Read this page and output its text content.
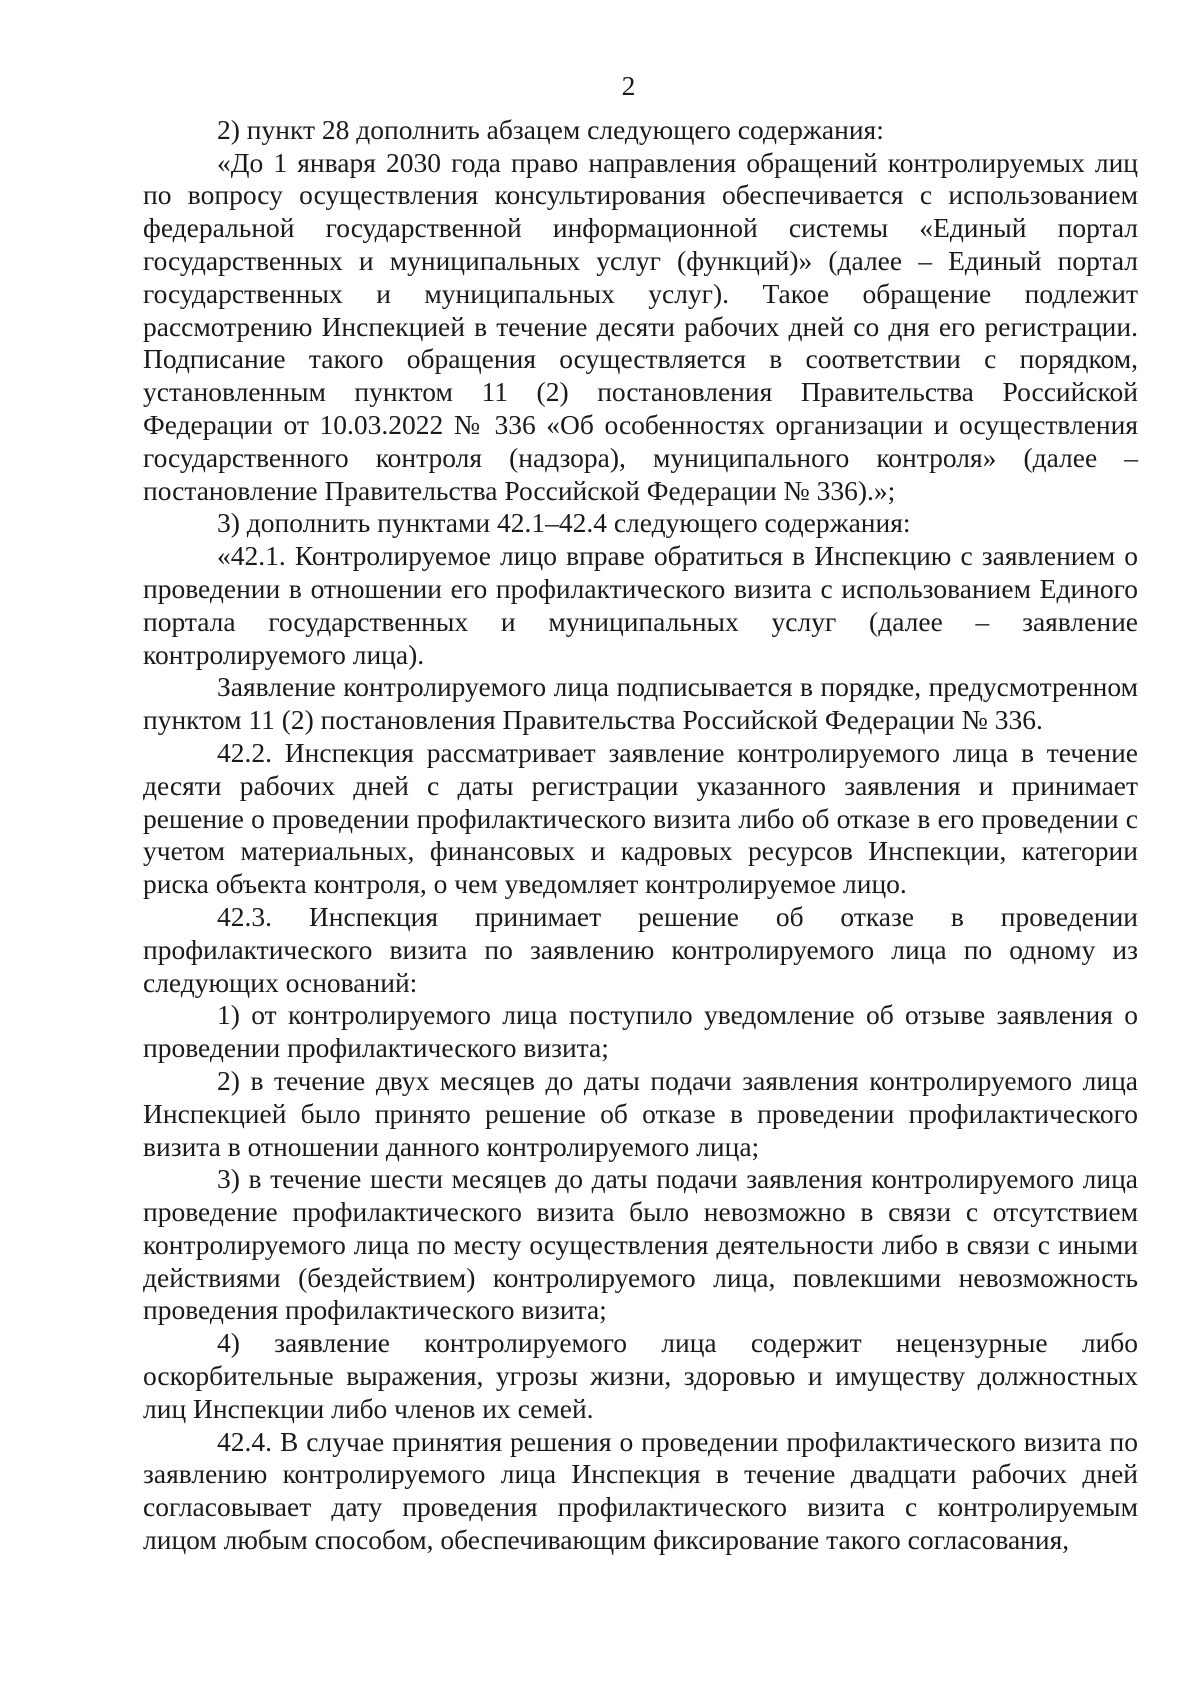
2

2) пункт 28 дополнить абзацем следующего содержания:

«До 1 января 2030 года право направления обращений контролируемых лиц по вопросу осуществления консультирования обеспечивается с использованием федеральной государственной информационной системы «Единый портал государственных и муниципальных услуг (функций)» (далее – Единый портал государственных и муниципальных услуг). Такое обращение подлежит рассмотрению Инспекцией в течение десяти рабочих дней со дня его регистрации. Подписание такого обращения осуществляется в соответствии с порядком, установленным пунктом 11 (2) постановления Правительства Российской Федерации от 10.03.2022 № 336 «Об особенностях организации и осуществления государственного контроля (надзора), муниципального контроля» (далее – постановление Правительства Российской Федерации № 336).»;

3) дополнить пунктами 42.1–42.4 следующего содержания:

«42.1. Контролируемое лицо вправе обратиться в Инспекцию с заявлением о проведении в отношении его профилактического визита с использованием Единого портала государственных и муниципальных услуг (далее – заявление контролируемого лица).

Заявление контролируемого лица подписывается в порядке, предусмотренном пунктом 11 (2) постановления Правительства Российской Федерации № 336.

42.2. Инспекция рассматривает заявление контролируемого лица в течение десяти рабочих дней с даты регистрации указанного заявления и принимает решение о проведении профилактического визита либо об отказе в его проведении с учетом материальных, финансовых и кадровых ресурсов Инспекции, категории риска объекта контроля, о чем уведомляет контролируемое лицо.

42.3. Инспекция принимает решение об отказе в проведении профилактического визита по заявлению контролируемого лица по одному из следующих оснований:

1) от контролируемого лица поступило уведомление об отзыве заявления о проведении профилактического визита;

2) в течение двух месяцев до даты подачи заявления контролируемого лица Инспекцией было принято решение об отказе в проведении профилактического визита в отношении данного контролируемого лица;

3) в течение шести месяцев до даты подачи заявления контролируемого лица проведение профилактического визита было невозможно в связи с отсутствием контролируемого лица по месту осуществления деятельности либо в связи с иными действиями (бездействием) контролируемого лица, повлекшими невозможность проведения профилактического визита;

4) заявление контролируемого лица содержит нецензурные либо оскорбительные выражения, угрозы жизни, здоровью и имуществу должностных лиц Инспекции либо членов их семей.

42.4. В случае принятия решения о проведении профилактического визита по заявлению контролируемого лица Инспекция в течение двадцати рабочих дней согласовывает дату проведения профилактического визита с контролируемым лицом любым способом, обеспечивающим фиксирование такого согласования,
